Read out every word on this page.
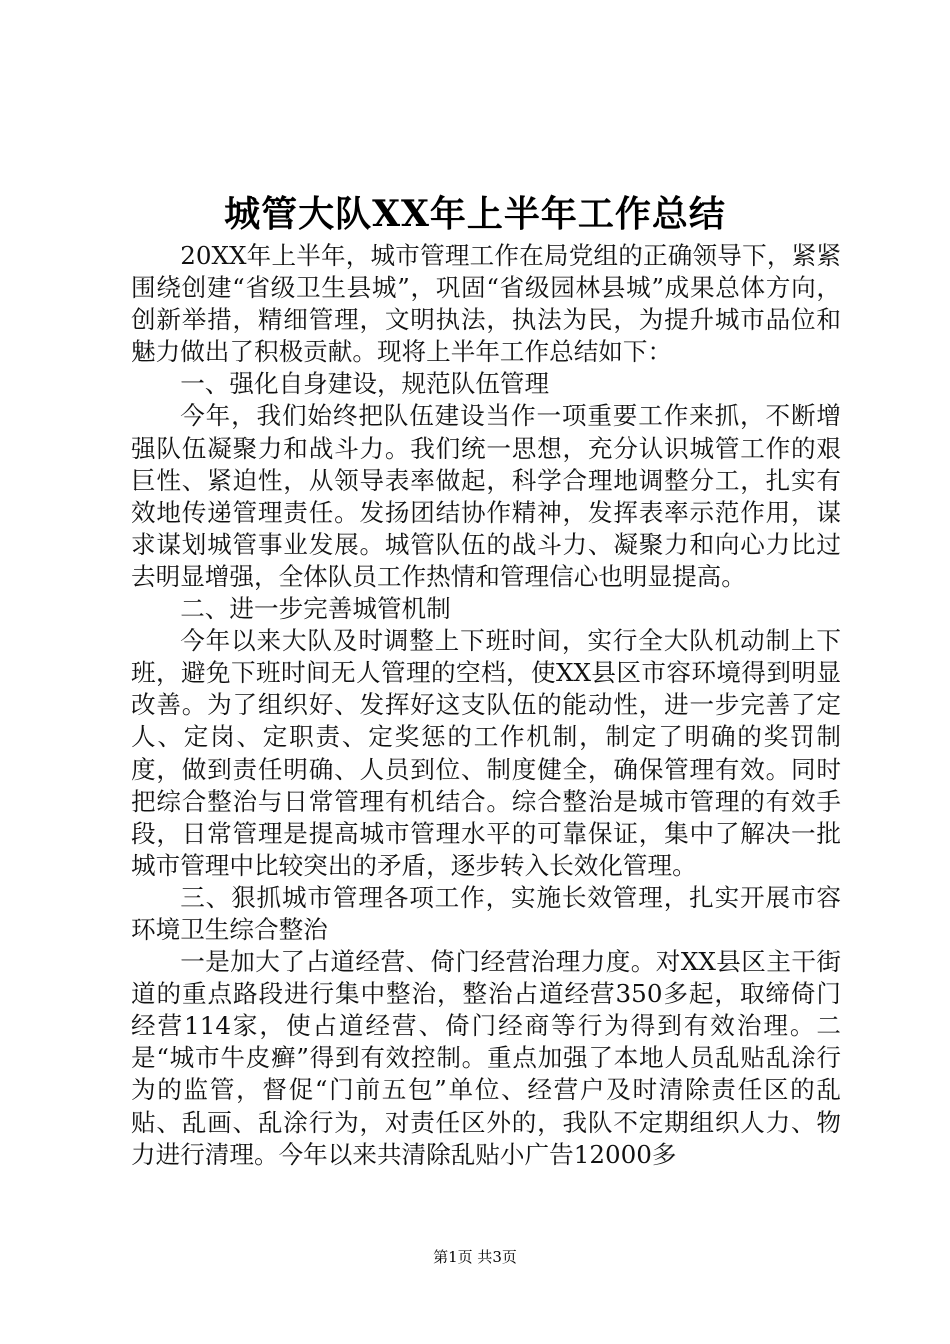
城管大队XX年上半年工作总结

20XX年上半年，城市管理工作在局党组的正确领导下，紧紧围绕创建“省级卫生县城”，巩固“省级园林县城”成果总体方向，创新举措，精细管理，文明执法，执法为民，为提升城市品位和魅力做出了积极贡献。现将上半年工作总结如下：

一、强化自身建设，规范队伍管理

今年，我们始终把队伍建设当作一项重要工作来抓，不断增强队伍凝聚力和战斗力。我们统一思想，充分认识城管工作的艰巨性、紧迫性，从领导表率做起，科学合理地调整分工，扎实有效地传递管理责任。发扬团结协作精神，发挥表率示范作用，谋求谋划城管事业发展。城管队伍的战斗力、凝聚力和向心力比过去明显增强，全体队员工作热情和管理信心也明显提高。

二、进一步完善城管机制

今年以来大队及时调整上下班时间，实行全大队机动制上下班，避免下班时间无人管理的空档，使XX县区市容环境得到明显改善。为了组织好、发挥好这支队伍的能动性，进一步完善了定人、定岗、定职责、定奖惩的工作机制，制定了明确的奖罚制度，做到责任明确、人员到位、制度健全，确保管理有效。同时把综合整治与日常管理有机结合。综合整治是城市管理的有效手段，日常管理是提高城市管理水平的可靠保证，集中了解决一批城市管理中比较突出的矛盾，逐步转入长效化管理。

三、狠抓城市管理各项工作，实施长效管理，扎实开展市容环境卫生综合整治

一是加大了占道经营、倚门经营治理力度。对XX县区主干街道的重点路段进行集中整治，整治占道经营350多起，取缔倚门经营114家，使占道经营、倚门经商等行为得到有效治理。二是“城市牛皮癣”得到有效控制。重点加强了本地人员乱贴乱涂行为的监管，督促“门前五包”单位、经营户及时清除责任区的乱贴、乱画、乱涂行为，对责任区外的，我队不定期组织人力、物力进行清理。今年以来共清除乱贴小广告12000多

第1页 共3页
